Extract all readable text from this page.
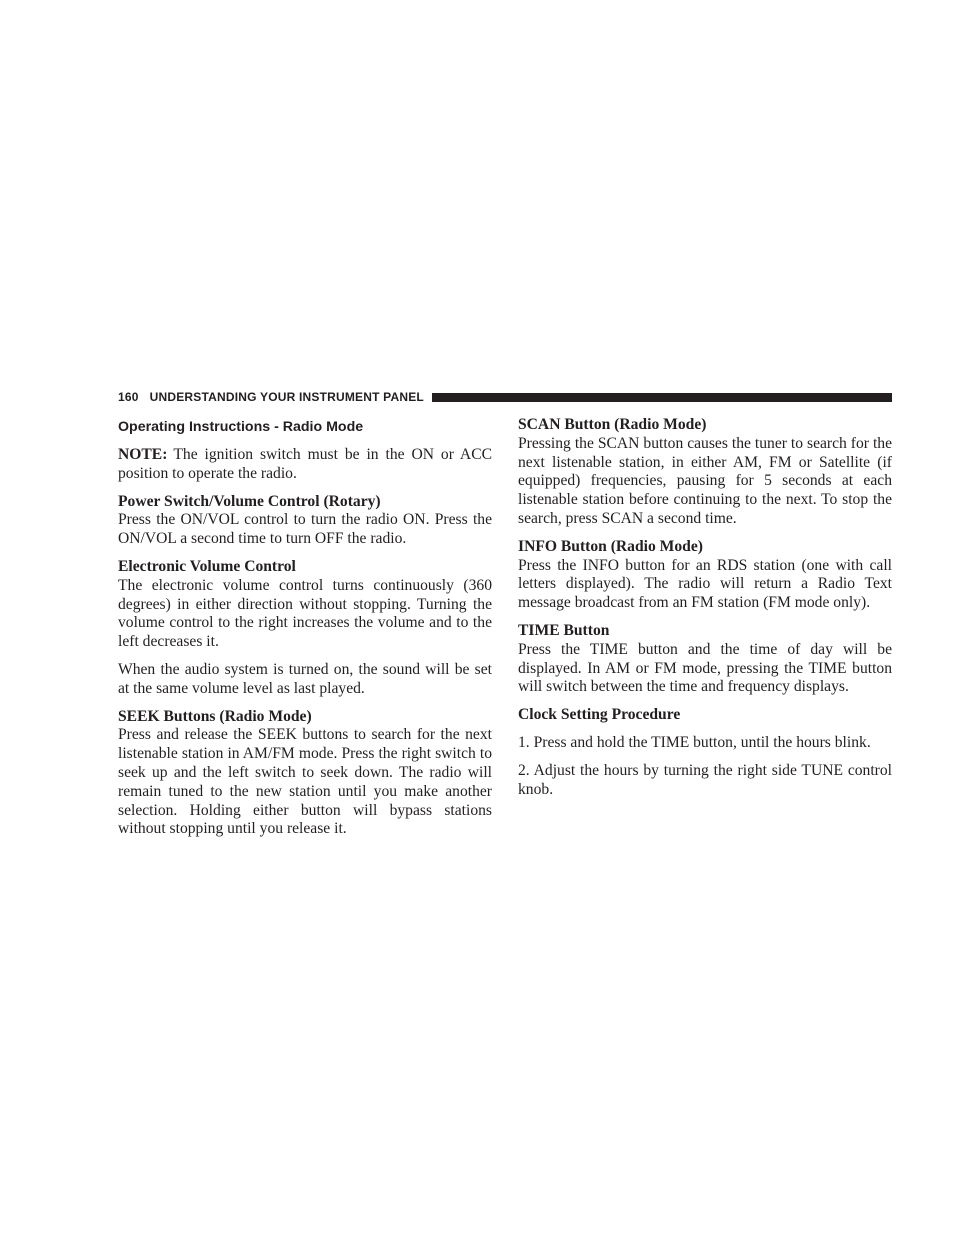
160 UNDERSTANDING YOUR INSTRUMENT PANEL
Operating Instructions - Radio Mode

NOTE: The ignition switch must be in the ON or ACC position to operate the radio.

Power Switch/Volume Control (Rotary)

Press the ON/VOL control to turn the radio ON. Press the ON/VOL a second time to turn OFF the radio.

Electronic Volume Control

The electronic volume control turns continuously (360 degrees) in either direction without stopping. Turning the volume control to the right increases the volume and to the left decreases it.

When the audio system is turned on, the sound will be set at the same volume level as last played.

SEEK Buttons (Radio Mode)

Press and release the SEEK buttons to search for the next listenable station in AM/FM mode. Press the right switch to seek up and the left switch to seek down. The radio will remain tuned to the new station until you make another selection. Holding either button will bypass stations without stopping until you release it.

SCAN Button (Radio Mode)

Pressing the SCAN button causes the tuner to search for the next listenable station, in either AM, FM or Satellite (if equipped) frequencies, pausing for 5 seconds at each listenable station before continuing to the next. To stop the search, press SCAN a second time.

INFO Button (Radio Mode)

Press the INFO button for an RDS station (one with call letters displayed). The radio will return a Radio Text message broadcast from an FM station (FM mode only).

TIME Button

Press the TIME button and the time of day will be displayed. In AM or FM mode, pressing the TIME button will switch between the time and frequency displays.

Clock Setting Procedure

1. Press and hold the TIME button, until the hours blink.

2. Adjust the hours by turning the right side TUNE control knob.
